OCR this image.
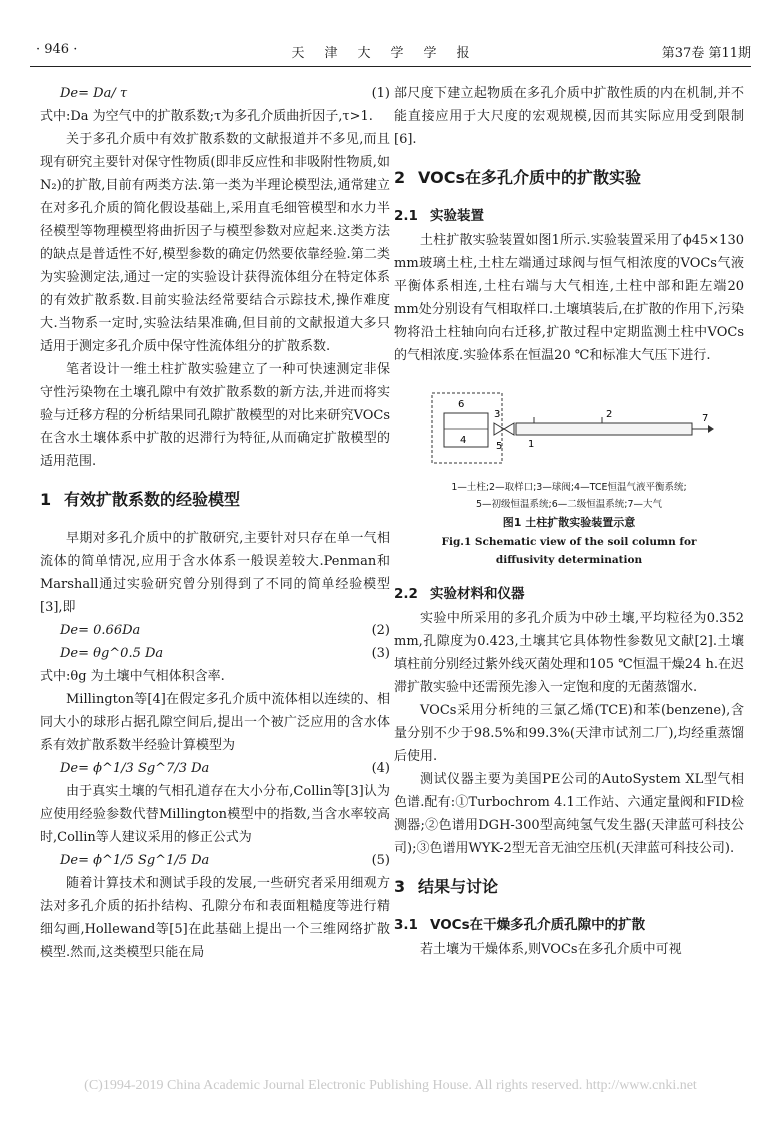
· 946 ·	天津大学学报	第37卷 第11期
De= Da/ τ	(1)

式中:Da 为空气中的扩散系数;τ为多孔介质曲折因子,τ>1.

关于多孔介质中有效扩散系数的文献报道并不多见,而且现有研究主要针对保守性物质(即非反应性和非吸附性物质,如N₂)的扩散,目前有两类方法.第一类为半理论模型法,通常建立在对多孔介质的简化假设基础上,采用直毛细管模型和水力半径模型等物理模型将曲折因子与模型参数对应起来.这类方法的缺点是普适性不好,模型参数的确定仍然要依靠经验.第二类为实验测定法,通过一定的实验设计获得流体组分在特定体系的有效扩散系数.目前实验法经常要结合示踪技术,操作难度大.当物系一定时,实验法结果准确,但目前的文献报道大多只适用于测定多孔介质中保守性流体组分的扩散系数.

笔者设计一维土柱扩散实验建立了一种可快速测定非保守性污染物在土壤孔隙中有效扩散系数的新方法,并进而将实验与迁移方程的分析结果同孔隙扩散模型的对比来研究VOCs在含水土壤体系中扩散的迟滞行为特征,从而确定扩散模型的适用范围.

1 有效扩散系数的经验模型

早期对多孔介质中的扩散研究,主要针对只存在单一气相流体的简单情况,应用于含水体系一般误差较大.Penman和Marshall通过实验研究曾分别得到了不同的简单经验模型[3],即

De= 0.66Da	(2)
De= θg^0.5 Da	(3)

式中:θg 为土壤中气相体积含率.

Millington等[4]在假定多孔介质中流体相以连续的、相同大小的球形占据孔隙空间后,提出一个被广泛应用的含水体系有效扩散系数半经验计算模型为

De= ϕ^1/3 Sg^7/3 Da	(4)

由于真实土壤的气相孔道存在大小分布,Collin等[3]认为应使用经验参数代替Millington模型中的指数,当含水率较高时,Collin等人建议采用的修正公式为

De= ϕ^1/5 Sg^1/5 Da	(5)

随着计算技术和测试手段的发展,一些研究者采用细观方法对多孔介质的拓扑结构、孔隙分布和表面粗糙度等进行精细勾画,Hollewand等[5]在此基础上提出一个三维网络扩散模型.然而,这类模型只能在局

部尺度下建立起物质在多孔介质中扩散性质的内在机制,并不能直接应用于大尺度的宏观规模,因而其实际应用受到限制[6].

2 VOCs在多孔介质中的扩散实验
2.1 实验装置

土柱扩散实验装置如图1所示.实验装置采用了ϕ45×130 mm玻璃土柱,土柱左端通过球阀与恒气相浓度的VOCs气液平衡体系相连,土柱右端与大气相连,土柱中部和距左端20 mm处分别设有气相取样口.土壤填装后,在扩散的作用下,污染物将沿土柱轴向向右迁移,扩散过程中定期监测土柱中VOCs的气相浓度.实验体系在恒温20 ℃和标准大气压下进行.

6
4
3
5	1
2	7
1—土柱;2—取样口;3—球阀;4—TCE恒温气液平衡系统;
5—初级恒温系统;6—二级恒温系统;7—大气
图1 土柱扩散实验装置示意
Fig.1 Schematic view of the soil column for
diffusivity determination
2.2 实验材料和仪器

实验中所采用的多孔介质为中砂土壤,平均粒径为0.352 mm,孔隙度为0.423,土壤其它具体物性参数见文献[2].土壤填柱前分别经过紫外线灭菌处理和105 ℃恒温干燥24 h.在迟滞扩散实验中还需预先渗入一定饱和度的无菌蒸馏水.

VOCs采用分析纯的三氯乙烯(TCE)和苯(benzene),含量分别不少于98.5%和99.3%(天津市试剂二厂),均经重蒸馏后使用.

测试仪器主要为美国PE公司的AutoSystem XL型气相色谱.配有:①Turbochrom 4.1工作站、六通定量阀和FID检测器;②色谱用DGH-300型高纯氢气发生器(天津蓝可科技公司);③色谱用WYK-2型无音无油空压机(天津蓝可科技公司).

3 结果与讨论
3.1 VOCs在干燥多孔介质孔隙中的扩散

若土壤为干燥体系,则VOCs在多孔介质中可视

(C)1994-2019 China Academic Journal Electronic Publishing House. All rights reserved. http://www.cnki.net
